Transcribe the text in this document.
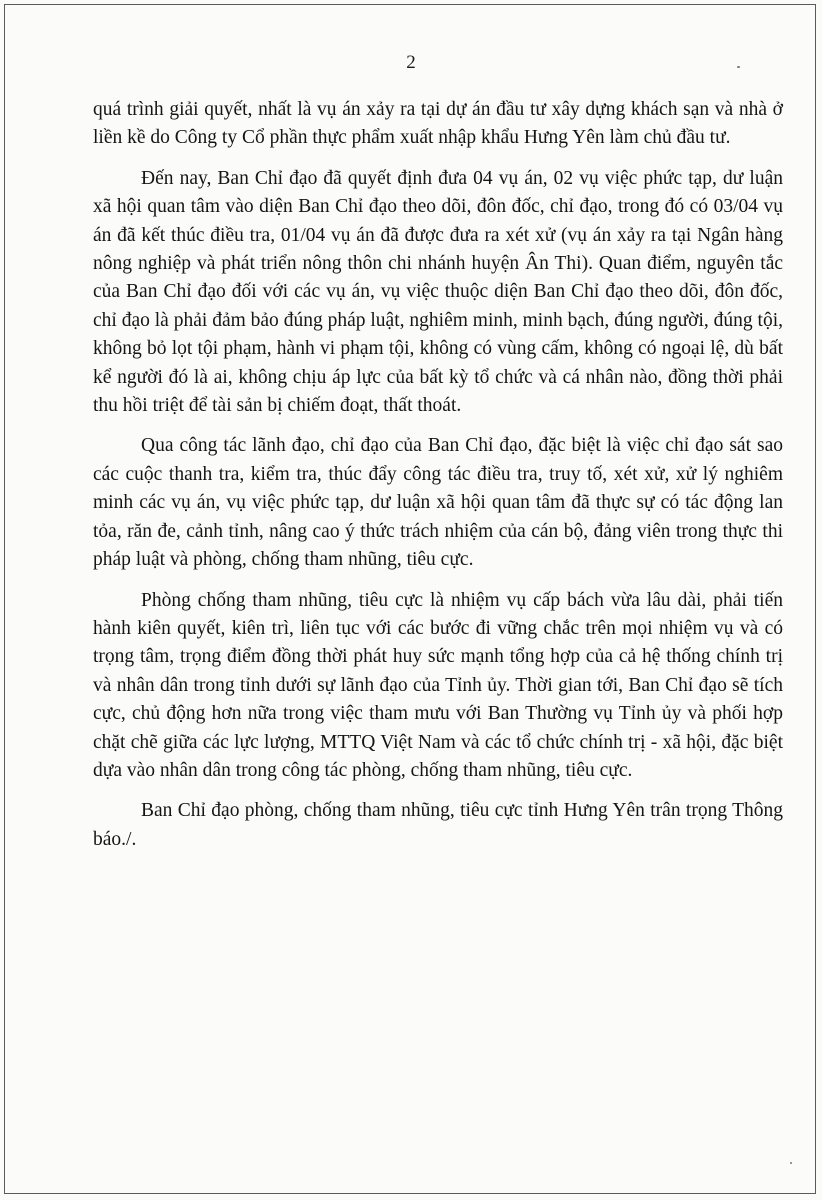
2

quá trình giải quyết, nhất là vụ án xảy ra tại dự án đầu tư xây dựng khách sạn và nhà ở liền kề do Công ty Cổ phần thực phẩm xuất nhập khẩu Hưng Yên làm chủ đầu tư.

Đến nay, Ban Chỉ đạo đã quyết định đưa 04 vụ án, 02 vụ việc phức tạp, dư luận xã hội quan tâm vào diện Ban Chỉ đạo theo dõi, đôn đốc, chỉ đạo, trong đó có 03/04 vụ án đã kết thúc điều tra, 01/04 vụ án đã được đưa ra xét xử (vụ án xảy ra tại Ngân hàng nông nghiệp và phát triển nông thôn chi nhánh huyện Ân Thi). Quan điểm, nguyên tắc của Ban Chỉ đạo đối với các vụ án, vụ việc thuộc diện Ban Chỉ đạo theo dõi, đôn đốc, chỉ đạo là phải đảm bảo đúng pháp luật, nghiêm minh, minh bạch, đúng người, đúng tội, không bỏ lọt tội phạm, hành vi phạm tội, không có vùng cấm, không có ngoại lệ, dù bất kể người đó là ai, không chịu áp lực của bất kỳ tổ chức và cá nhân nào, đồng thời phải thu hồi triệt để tài sản bị chiếm đoạt, thất thoát.

Qua công tác lãnh đạo, chỉ đạo của Ban Chỉ đạo, đặc biệt là việc chỉ đạo sát sao các cuộc thanh tra, kiểm tra, thúc đẩy công tác điều tra, truy tố, xét xử, xử lý nghiêm minh các vụ án, vụ việc phức tạp, dư luận xã hội quan tâm đã thực sự có tác động lan tỏa, răn đe, cảnh tỉnh, nâng cao ý thức trách nhiệm của cán bộ, đảng viên trong thực thi pháp luật và phòng, chống tham nhũng, tiêu cực.

Phòng chống tham nhũng, tiêu cực là nhiệm vụ cấp bách vừa lâu dài, phải tiến hành kiên quyết, kiên trì, liên tục với các bước đi vững chắc trên mọi nhiệm vụ và có trọng tâm, trọng điểm đồng thời phát huy sức mạnh tổng hợp của cả hệ thống chính trị và nhân dân trong tỉnh dưới sự lãnh đạo của Tỉnh ủy. Thời gian tới, Ban Chỉ đạo sẽ tích cực, chủ động hơn nữa trong việc tham mưu với Ban Thường vụ Tỉnh ủy và phối hợp chặt chẽ giữa các lực lượng, MTTQ Việt Nam và các tổ chức chính trị - xã hội, đặc biệt dựa vào nhân dân trong công tác phòng, chống tham nhũng, tiêu cực.

Ban Chỉ đạo phòng, chống tham nhũng, tiêu cực tỉnh Hưng Yên trân trọng Thông báo./.
